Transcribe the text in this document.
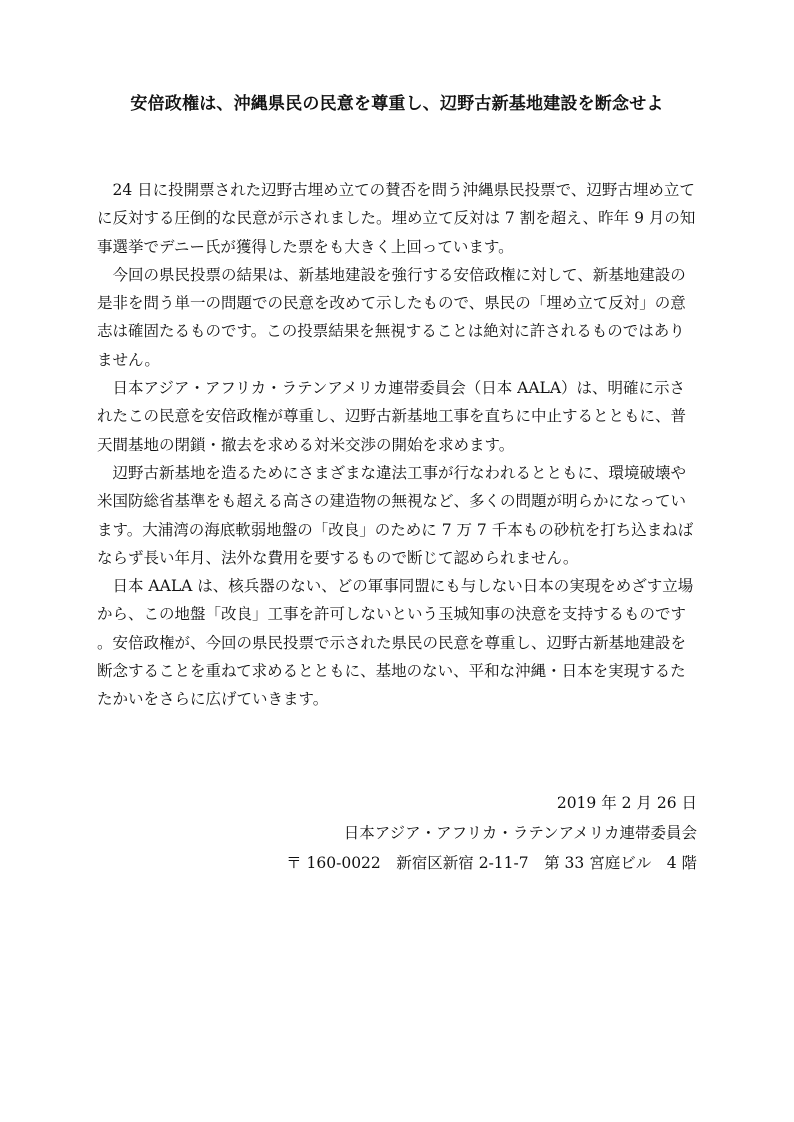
安倍政権は、沖縄県民の民意を尊重し、辺野古新基地建設を断念せよ

24 日に投開票された辺野古埋め立ての賛否を問う沖縄県民投票で、辺野古埋め立てに反対する圧倒的な民意が示されました。埋め立て反対は 7 割を超え、昨年 9 月の知事選挙でデニー氏が獲得した票をも大きく上回っています。

今回の県民投票の結果は、新基地建設を強行する安倍政権に対して、新基地建設の是非を問う単一の問題での民意を改めて示したもので、県民の「埋め立て反対」の意志は確固たるものです。この投票結果を無視することは絶対に許されるものではありません。

日本アジア・アフリカ・ラテンアメリカ連帯委員会（日本 AALA）は、明確に示されたこの民意を安倍政権が尊重し、辺野古新基地工事を直ちに中止するとともに、普天間基地の閉鎖・撤去を求める対米交渉の開始を求めます。

辺野古新基地を造るためにさまざまな違法工事が行なわれるとともに、環境破壊や米国防総省基準をも超える高さの建造物の無視など、多くの問題が明らかになっています。大浦湾の海底軟弱地盤の「改良」のために 7 万 7 千本もの砂杭を打ち込まねばならず長い年月、法外な費用を要するもので断じて認められません。

日本 AALA は、核兵器のない、どの軍事同盟にも与しない日本の実現をめざす立場から、この地盤「改良」工事を許可しないという玉城知事の決意を支持するものです。安倍政権が、今回の県民投票で示された県民の民意を尊重し、辺野古新基地建設を断念することを重ねて求めるとともに、基地のない、平和な沖縄・日本を実現するたたかいをさらに広げていきます。

2019 年 2 月 26 日
日本アジア・アフリカ・ラテンアメリカ連帯委員会
〒 160-0022　新宿区新宿 2-11-7　第 33 宮庭ビル　4 階
